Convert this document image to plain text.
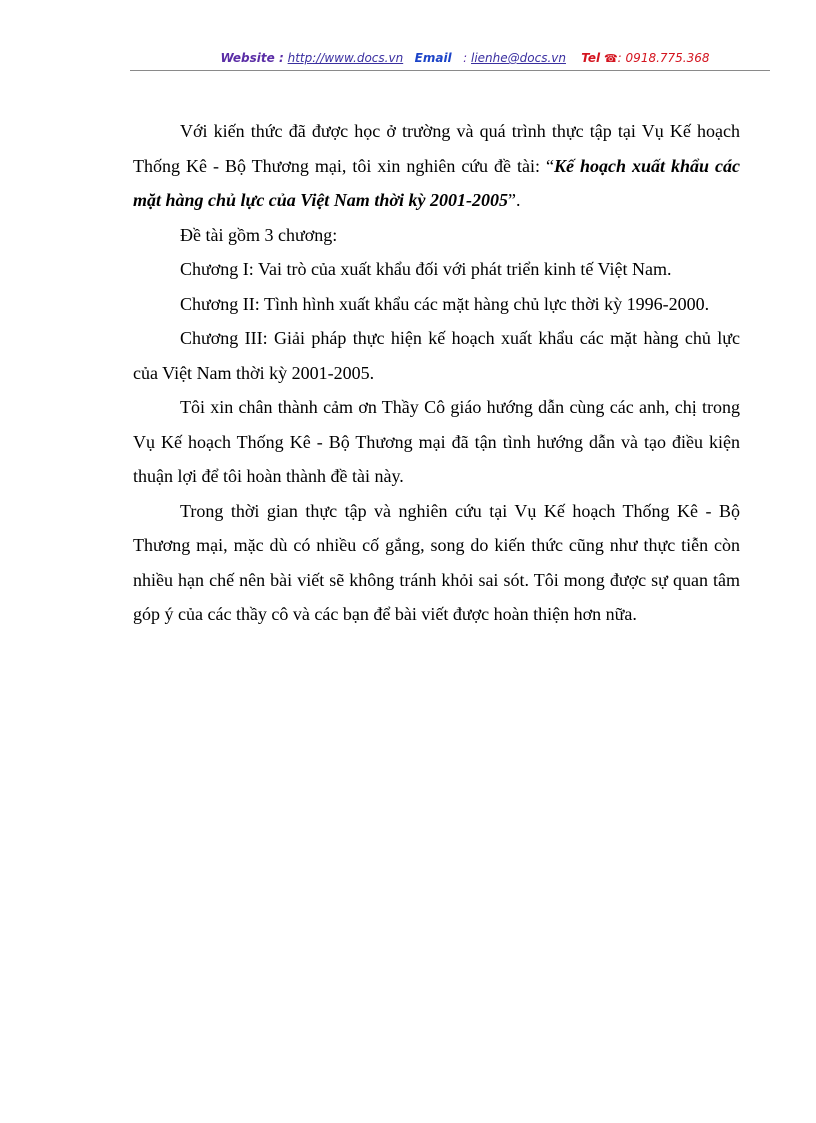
Website : http://www.docs.vn Email : lienhe@docs.vn Tel ☎: 0918.775.368

Với kiến thức đã được học ở trường và quá trình thực tập tại Vụ Kế hoạch Thống Kê - Bộ Thương mại, tôi xin nghiên cứu đề tài: “Kế hoạch xuất khẩu các mặt hàng chủ lực của Việt Nam thời kỳ 2001-2005”.

Đề tài gồm 3 chương:

Chương I: Vai trò của xuất khẩu đối với phát triển kinh tế Việt Nam.

Chương II: Tình hình xuất khẩu các mặt hàng chủ lực thời kỳ 1996-2000.

Chương III: Giải pháp thực hiện kế hoạch xuất khẩu các mặt hàng chủ lực của Việt Nam thời kỳ 2001-2005.

Tôi xin chân thành cảm ơn Thầy Cô giáo hướng dẫn cùng các anh, chị trong Vụ Kế hoạch Thống Kê - Bộ Thương mại đã tận tình hướng dẫn và tạo điều kiện thuận lợi để tôi hoàn thành đề tài này.

Trong thời gian thực tập và nghiên cứu tại Vụ Kế hoạch Thống Kê - Bộ Thương mại, mặc dù có nhiều cố gắng, song do kiến thức cũng như thực tiễn còn nhiều hạn chế nên bài viết sẽ không tránh khỏi sai sót. Tôi mong được sự quan tâm góp ý của các thầy cô và các bạn để bài viết được hoàn thiện hơn nữa.
